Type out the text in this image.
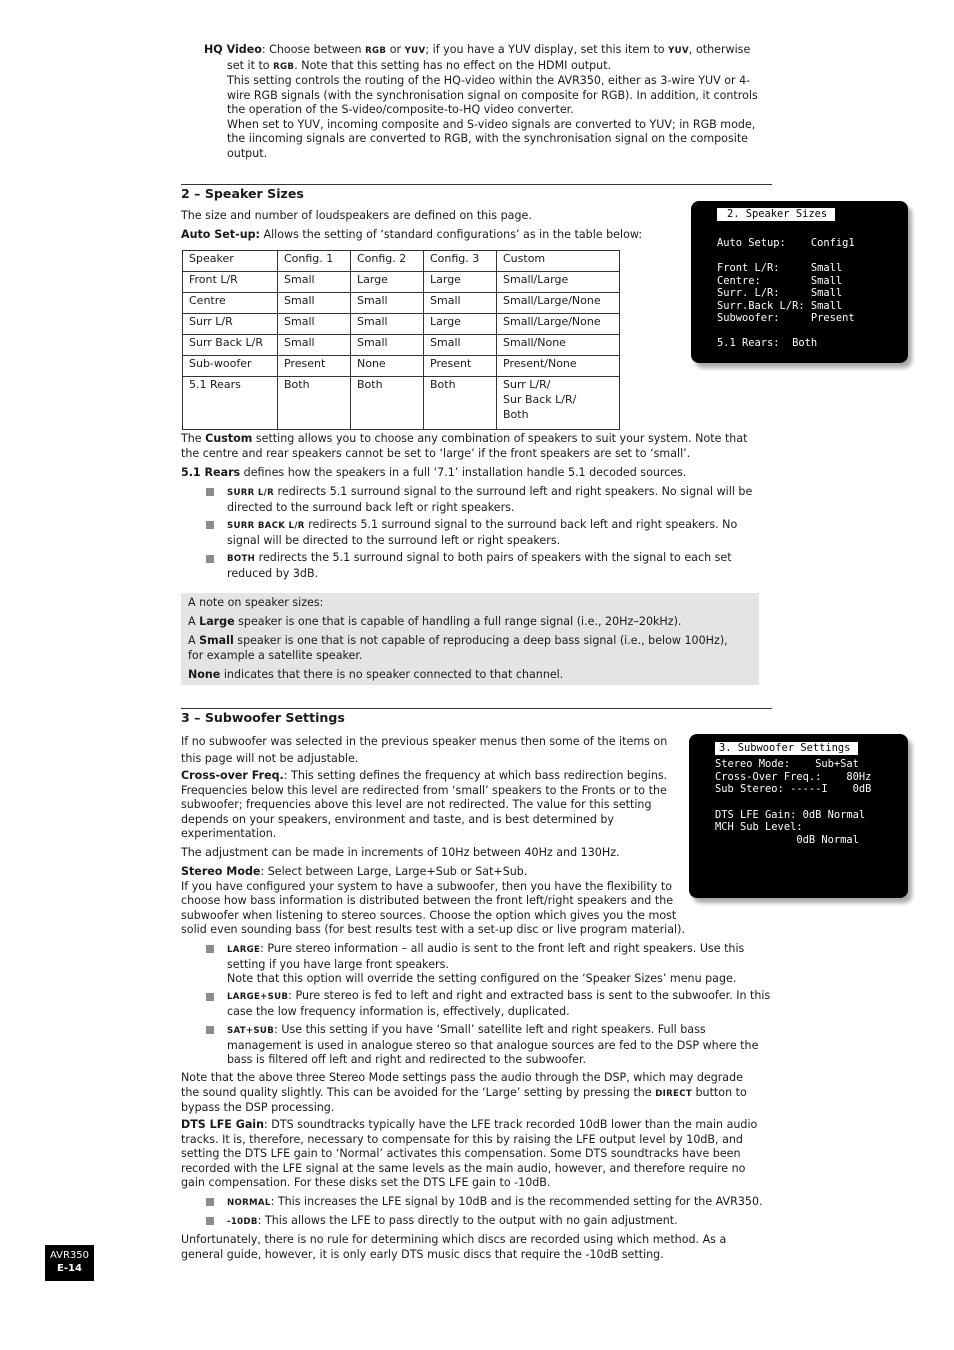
HQ Video: Choose between RGB or YUV; if you have a YUV display, set this item to YUV, otherwise

set it to RGB. Note that this setting has no effect on the HDMI output.

This setting controls the routing of the HQ-video within the AVR350, either as 3-wire YUV or 4-wire RGB signals (with the synchronisation signal on composite for RGB). In addition, it controls the operation of the S-video/composite-to-HQ video converter.

When set to YUV, incoming composite and S-video signals are converted to YUV; in RGB mode, the iincoming signals are converted to RGB, with the synchronisation signal on the composite output.

2 – Speaker Sizes

The size and number of loudspeakers are defined on this page.

Auto Set-up: Allows the setting of ‘standard configurations’ as in the table below:

Speaker	Config. 1	Config. 2	Config. 3	Custom
Front L/R	Small	Large	Large	Small/Large
Centre	Small	Small	Small	Small/Large/None
Surr L/R	Small	Small	Large	Small/Large/None
Surr Back L/R	Small	Small	Small	Small/None
Sub-woofer	Present	None	Present	Present/None
5.1 Rears	Both	Both	Both	Surr L/R/
Sur Back L/R/
Both
2. Speaker Sizes
Auto Setup:    Config1
Front L/R:     Small
Centre:        Small
Surr. L/R:     Small
Surr.Back L/R: Small
Subwoofer:     Present
5.1 Rears:  Both

The Custom setting allows you to choose any combination of speakers to suit your system. Note that the centre and rear speakers cannot be set to ‘large’ if the front speakers are set to ‘small’.

5.1 Rears defines how the speakers in a full ‘7.1’ installation handle 5.1 decoded sources.

SURR L/R redirects 5.1 surround signal to the surround left and right speakers. No signal will be directed to the surround back left or right speakers.

SURR BACK L/R redirects 5.1 surround signal to the surround back left and right speakers. No signal will be directed to the surround left or right speakers.

BOTH redirects the 5.1 surround signal to both pairs of speakers with the signal to each set reduced by 3dB.

A note on speaker sizes:

A Large speaker is one that is capable of handling a full range signal (i.e., 20Hz–20kHz).

A Small speaker is one that is not capable of reproducing a deep bass signal (i.e., below 100Hz), for example a satellite speaker.

None indicates that there is no speaker connected to that channel.

3 – Subwoofer Settings

If no subwoofer was selected in the previous speaker menus then some of the items on this page will not be adjustable.

Cross-over Freq.: This setting defines the frequency at which bass redirection begins. Frequencies below this level are redirected from ‘small’ speakers to the Fronts or to the subwoofer; frequencies above this level are not redirected. The value for this setting depends on your speakers, environment and taste, and is best determined by experimentation.

The adjustment can be made in increments of 10Hz between 40Hz and 130Hz.

Stereo Mode: Select between Large, Large+Sub or Sat+Sub.

If you have configured your system to have a subwoofer, then you have the flexibility to choose how bass information is distributed between the front left/right speakers and the subwoofer when listening to stereo sources. Choose the option which gives you the most solid even sounding bass (for best results test with a set-up disc or live program material).

3. Subwoofer Settings
Stereo Mode:    Sub+Sat
Cross-Over Freq.:    80Hz
Sub Stereo: -----I    0dB
DTS LFE Gain: 0dB Normal
MCH Sub Level:
0dB Normal

LARGE: Pure stereo information – all audio is sent to the front left and right speakers. Use this setting if you have large front speakers.

Note that this option will override the setting configured on the ‘Speaker Sizes’ menu page.

LARGE+SUB: Pure stereo is fed to left and right and extracted bass is sent to the subwoofer. In this case the low frequency information is, effectively, duplicated.

SAT+SUB: Use this setting if you have ‘Small’ satellite left and right speakers. Full bass management is used in analogue stereo so that analogue sources are fed to the DSP where the bass is filtered off left and right and redirected to the subwoofer.

Note that the above three Stereo Mode settings pass the audio through the DSP, which may degrade the sound quality slightly. This can be avoided for the ‘Large’ setting by pressing the DIRECT button to bypass the DSP processing.

DTS LFE Gain: DTS soundtracks typically have the LFE track recorded 10dB lower than the main audio tracks. It is, therefore, necessary to compensate for this by raising the LFE output level by 10dB, and setting the DTS LFE gain to ‘Normal’ activates this compensation. Some DTS soundtracks have been recorded with the LFE signal at the same levels as the main audio, however, and therefore require no gain compensation. For these disks set the DTS LFE gain to -10dB.

NORMAL: This increases the LFE signal by 10dB and is the recommended setting for the AVR350.

-10DB: This allows the LFE to pass directly to the output with no gain adjustment.

Unfortunately, there is no rule for determining which discs are recorded using which method. As a general guide, however, it is only early DTS music discs that require the -10dB setting.

AVR350
E-14
